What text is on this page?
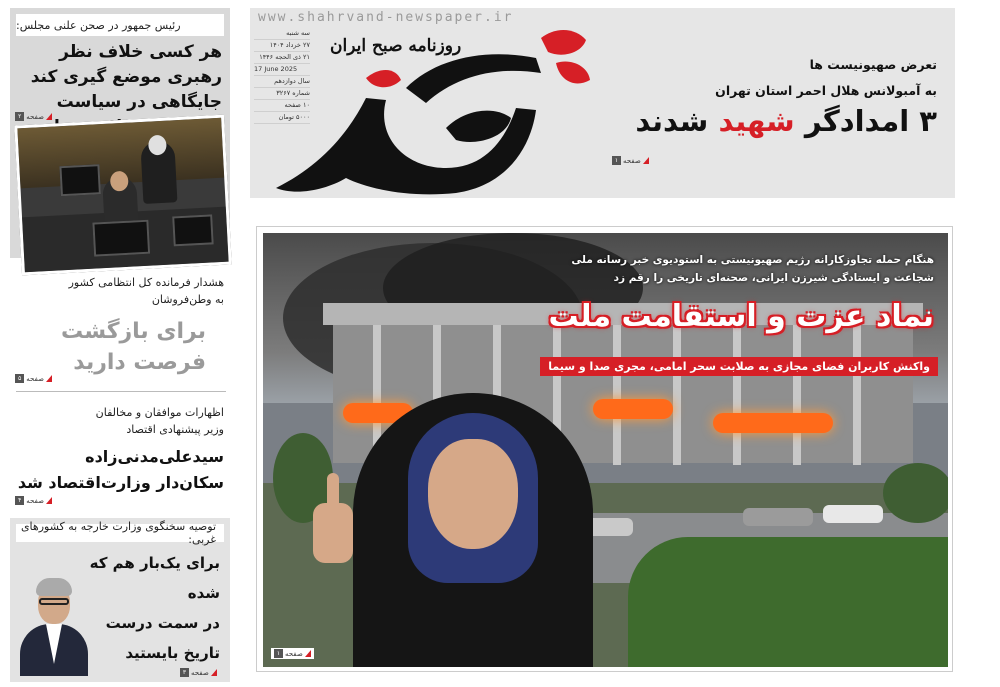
رئیس جمهور در صحن علنی مجلس:
هر کسی خلاف نظر رهبری موضع گیری کند جایگاهی در سیاست
صفحه
۲
هشدار فرمانده کل انتظامی کشور
به وطن‌فروشان
برای بازگشت
فرصت دارید
صفحه
۵
اظهارات موافقان و مخالفان
وزیر پیشنهادی اقتصاد
سیدعلی‌مدنی‌زاده
سکان‌دار وزارت‌اقتصاد شد
صفحه
۴
توصیه سخنگوی وزارت خارجه به کشورهای غربی:
برای یک‌بار هم که شده
در سمت درست
تاریخ بایستید
صفحه
۳
www.shahrvand-newspaper.ir
سه شنبه
۲۷ خرداد ۱۴۰۴
۲۱ ذی الحجه ۱۴۴۶
17 June 2025
سال دوازدهم
شماره ۳۲۶۷
۱۰ صفحه
۵۰۰۰ تومان
روزنامه صبح ایران
تعرض صهیونیست ها
به آمبولانس هلال احمر استان تهران
۳ امدادگر شهید شدند
صفحه
۱
هنگام حمله تجاوزکارانه رژیم صهیونیستی به استودیوی خبر رسانه ملی
شجاعت و ایستادگی شیرزن ایرانی، صحنه‌ای تاریخی را رقم زد
نماد عزت و استقامت ملت
واکنش کاربران فضای مجازی به صلابت سحر امامی، مجری صدا و سیما
صفحه
۱
